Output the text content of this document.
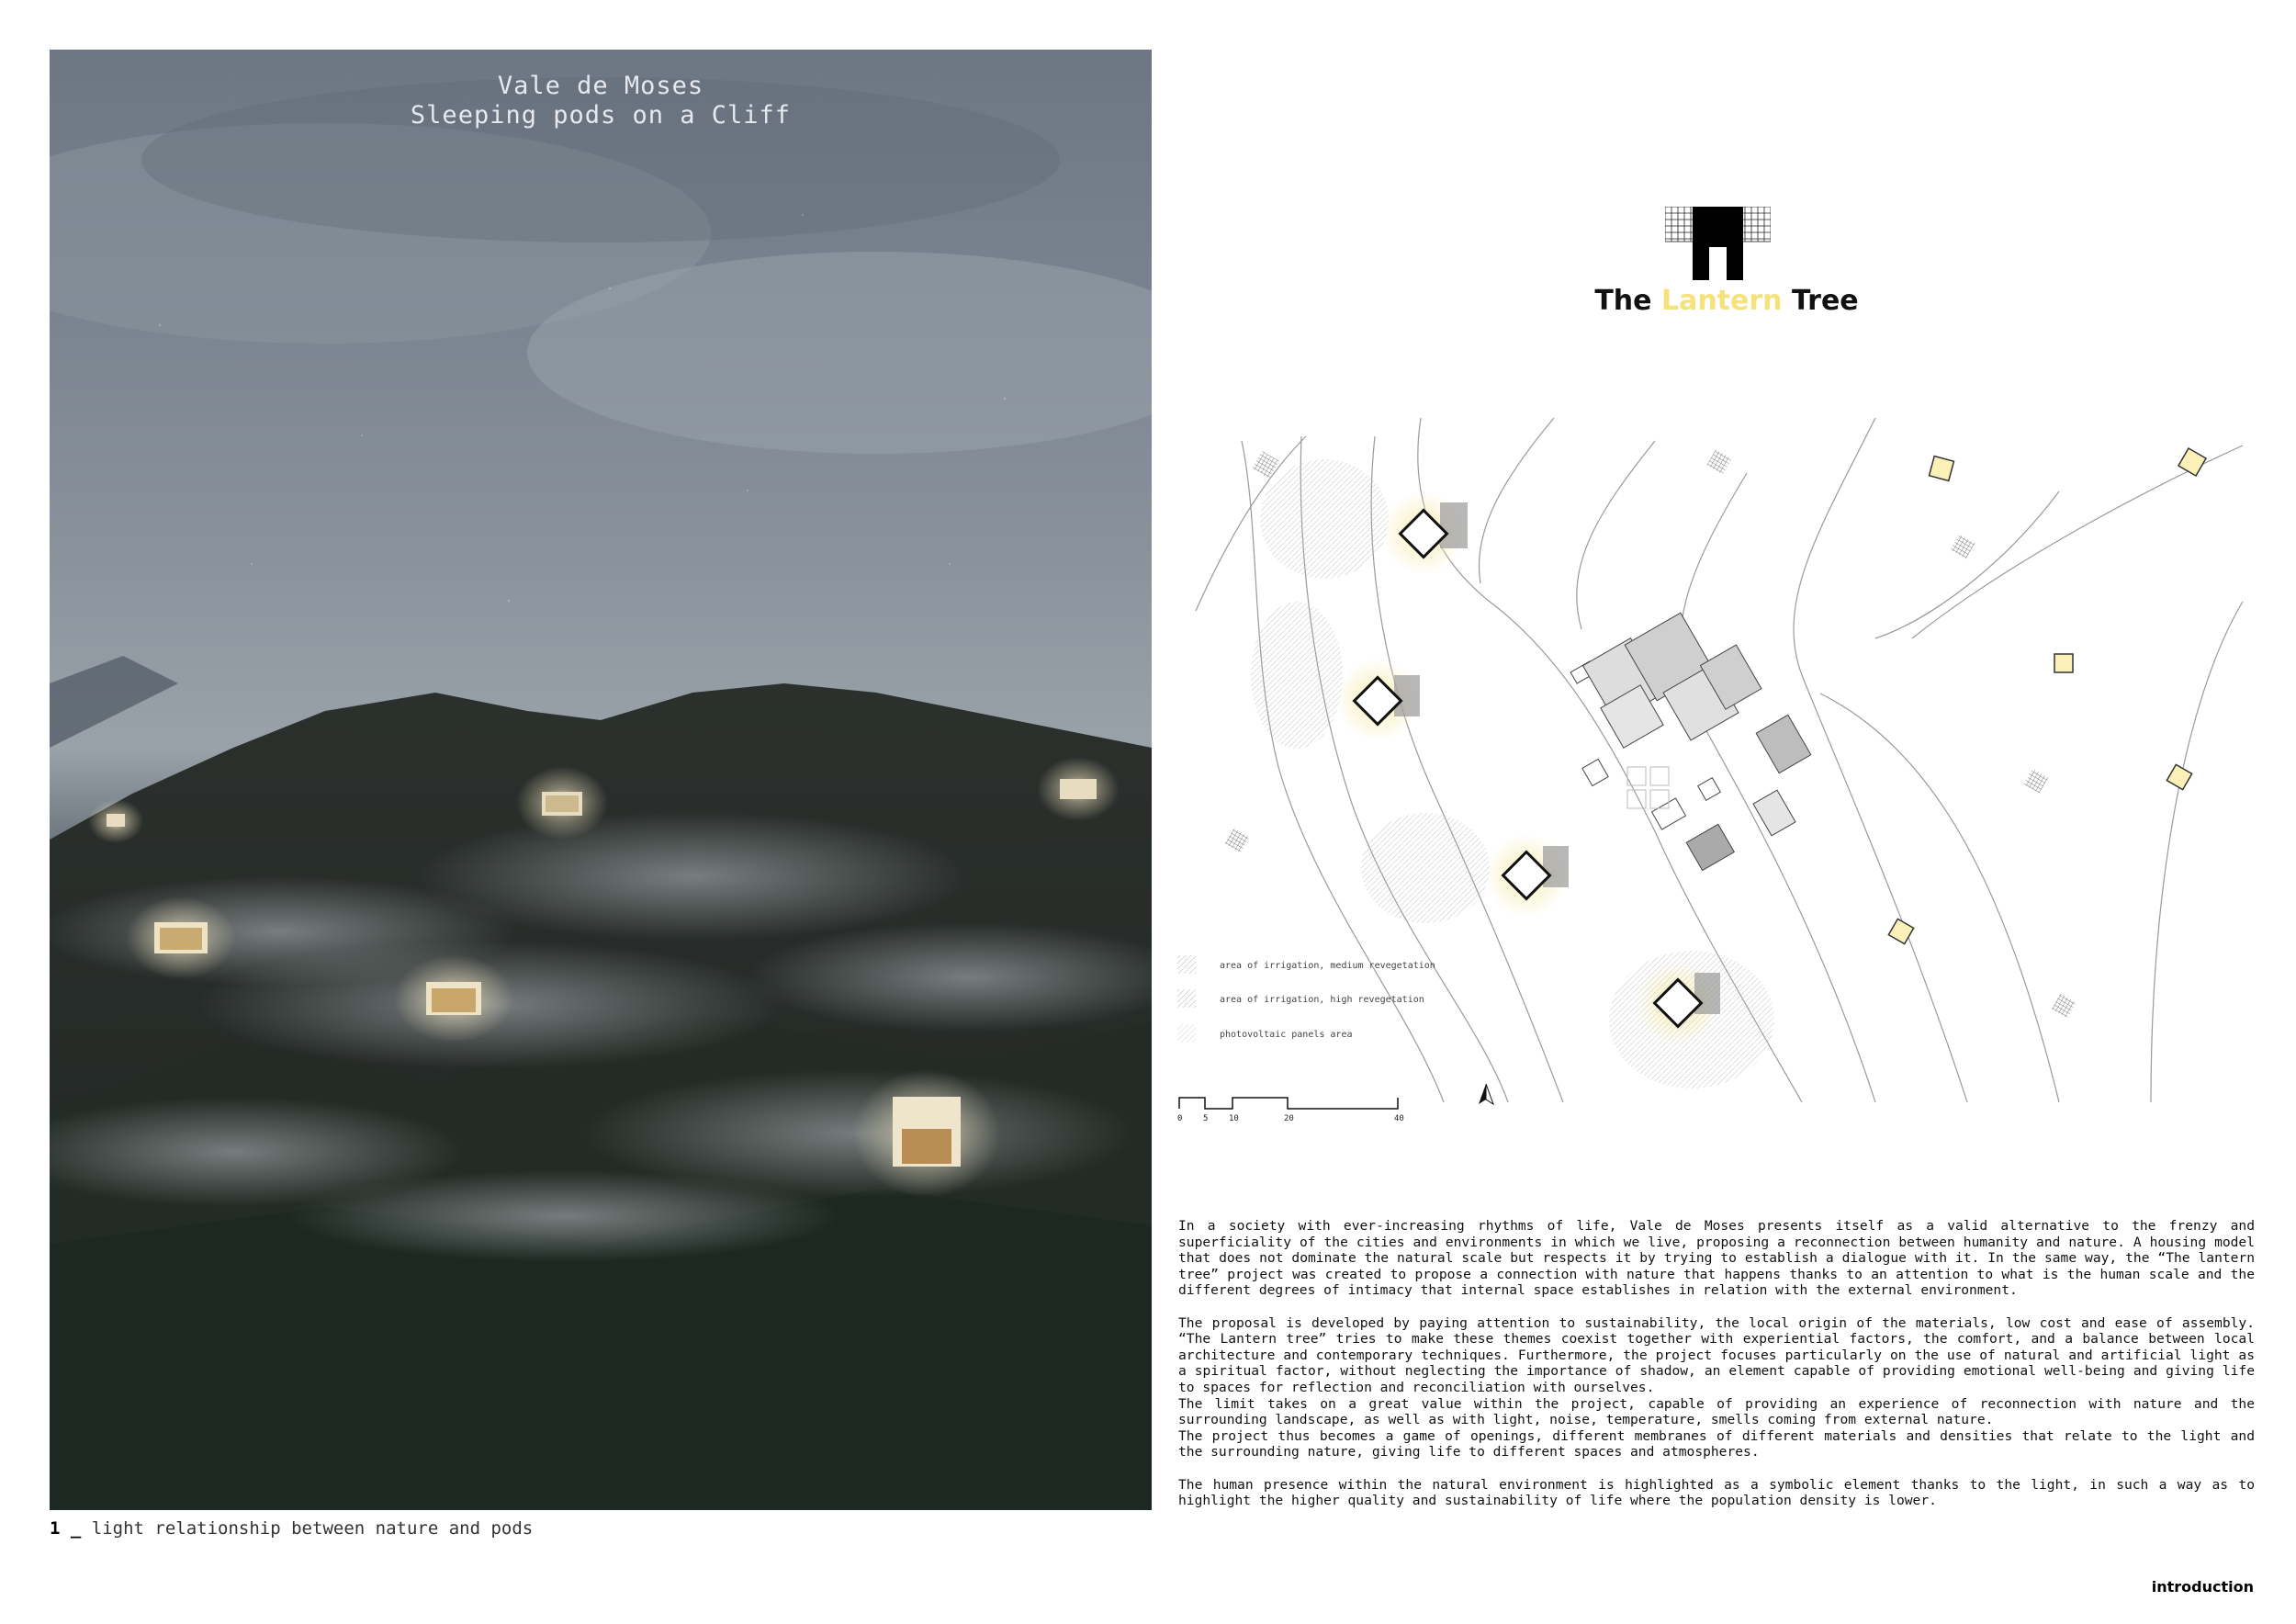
Vale de Moses
Sleeping pods on a Cliff
1 _ light relationship between nature and pods
The Lantern Tree
area of irrigation, medium revegetation
area of irrigation, high revegetation
photovoltaic panels area
0	5	10	20	40

In a society with ever-increasing rhythms of life, Vale de Moses presents itself as a valid alternative to the frenzy and superficiality of the cities and environments in which we live, proposing a reconnection between humanity and nature. A housing model that does not dominate the natural scale but respects it by trying to establish a dialogue with it. In the same way, the “The lantern tree” project was created to propose a connection with nature that happens thanks to an attention to what is the human scale and the different degrees of intimacy that internal space establishes in relation with the external environment.

The proposal is developed by paying attention to sustainability, the local origin of the materials, low cost and ease of assembly. “The Lantern tree” tries to make these themes coexist together with experiential factors, the comfort, and a balance between local architecture and contemporary techniques. Furthermore, the project focuses particularly on the use of natural and artificial light as a spiritual factor, without neglecting the importance of shadow, an element capable of providing emotional well-being and giving life to spaces for reflection and reconciliation with ourselves.

The limit takes on a great value within the project, capable of providing an experience of reconnection with nature and the surrounding landscape, as well as with light, noise, temperature, smells coming from external nature.

The project thus becomes a game of openings, different membranes of different materials and densities that relate to the light and the surrounding nature, giving life to different spaces and atmospheres.

The human presence within the natural environment is highlighted as a symbolic element thanks to the light, in such a way as to highlight the higher quality and sustainability of life where the population density is lower.

introduction
